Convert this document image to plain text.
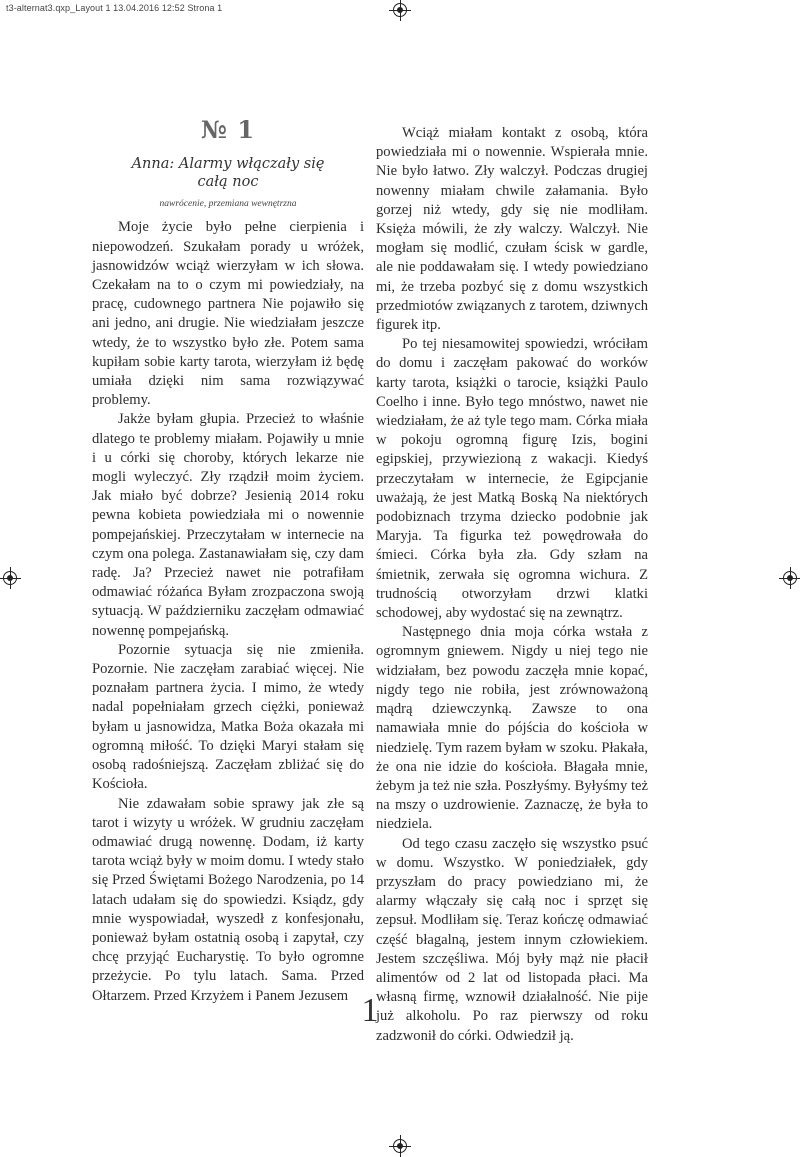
t3-alternat3.qxp_Layout 1 13.04.2016 12:52 Strona 1
№ 1
Anna: Alarmy włączały się całą noc
nawrócenie, przemiana wewnętrzna

Moje życie było pełne cierpienia i niepowodzeń. Szukałam porady u wróżek, jasnowidzów wciąż wierzyłam w ich słowa. Czekałam na to o czym mi powiedziały, na pracę, cudownego partnera Nie pojawiło się ani jedno, ani drugie. Nie wiedziałam jeszcze wtedy, że to wszystko było złe. Potem sama kupiłam sobie karty tarota, wierzyłam iż będę umiała dzięki nim sama rozwiązywać problemy.

Jakże byłam głupia. Przecież to właśnie dlatego te problemy miałam. Pojawiły u mnie i u córki się choroby, których lekarze nie mogli wyleczyć. Zły rządził moim życiem. Jak miało być dobrze? Jesienią 2014 roku pewna kobieta powiedziała mi o nowennie pompejańskiej. Przeczytałam w internecie na czym ona polega. Zastanawiałam się, czy dam radę. Ja? Przecież nawet nie potrafiłam odmawiać różańca Byłam zrozpaczona swoją sytuacją. W październiku zaczęłam odmawiać nowennę pompejańską.

Pozornie sytuacja się nie zmieniła. Pozornie. Nie zaczęłam zarabiać więcej. Nie poznałam partnera życia. I mimo, że wtedy nadal popełniałam grzech ciężki, ponieważ byłam u jasnowidza, Matka Boża okazała mi ogromną miłość. To dzięki Maryi stałam się osobą radośniejszą. Zaczęłam zbliżać się do Kościoła.

Nie zdawałam sobie sprawy jak złe są tarot i wizyty u wróżek. W grudniu zaczęłam odmawiać drugą nowennę. Dodam, iż karty tarota wciąż były w moim domu. I wtedy stało się Przed Świętami Bożego Narodzenia, po 14 latach udałam się do spowiedzi. Ksiądz, gdy mnie wyspowiadał, wyszedł z konfesjonału, ponieważ byłam ostatnią osobą i zapytał, czy chcę przyjąć Eucharystię. To było ogromne przeżycie. Po tylu latach. Sama. Przed Ołtarzem. Przed Krzyżem i Panem Jezusem

Wciąż miałam kontakt z osobą, która powiedziała mi o nowennie. Wspierała mnie. Nie było łatwo. Zły walczył. Podczas drugiej nowenny miałam chwile załamania. Było gorzej niż wtedy, gdy się nie modliłam. Księża mówili, że zły walczy. Walczył. Nie mogłam się modlić, czułam ścisk w gardle, ale nie poddawałam się. I wtedy powiedziano mi, że trzeba pozbyć się z domu wszystkich przedmiotów związanych z tarotem, dziwnych figurek itp.

Po tej niesamowitej spowiedzi, wróciłam do domu i zaczęłam pakować do worków karty tarota, książki o tarocie, książki Paulo Coelho i inne. Było tego mnóstwo, nawet nie wiedziałam, że aż tyle tego mam. Córka miała w pokoju ogromną figurę Izis, bogini egipskiej, przywiezioną z wakacji. Kiedyś przeczytałam w internecie, że Egipcjanie uważają, że jest Matką Boską Na niektórych podobiznach trzyma dziecko podobnie jak Maryja. Ta figurka też powędrowała do śmieci. Córka była zła. Gdy szłam na śmietnik, zerwała się ogromna wichura. Z trudnością otworzyłam drzwi klatki schodowej, aby wydostać się na zewnątrz.

Następnego dnia moja córka wstała z ogromnym gniewem. Nigdy u niej tego nie widziałam, bez powodu zaczęła mnie kopać, nigdy tego nie robiła, jest zrównoważoną mądrą dziewczynką. Zawsze to ona namawiała mnie do pójścia do kościoła w niedzielę. Tym razem byłam w szoku. Płakała, że ona nie idzie do kościoła. Błagała mnie, żebym ja też nie szła. Poszłyśmy. Byłyśmy też na mszy o uzdrowienie. Zaznaczę, że była to niedziela.

Od tego czasu zaczęło się wszystko psuć w domu. Wszystko. W poniedziałek, gdy przyszłam do pracy powiedziano mi, że alarmy włączały się całą noc i sprzęt się zepsuł. Modliłam się. Teraz kończę odmawiać część błagalną, jestem innym człowiekiem. Jestem szczęśliwa. Mój były mąż nie płacił alimentów od 2 lat od listopada płaci. Ma własną firmę, wznowił działalność. Nie pije już alkoholu. Po raz pierwszy od roku zadzwonił do córki. Odwiedził ją.

1
